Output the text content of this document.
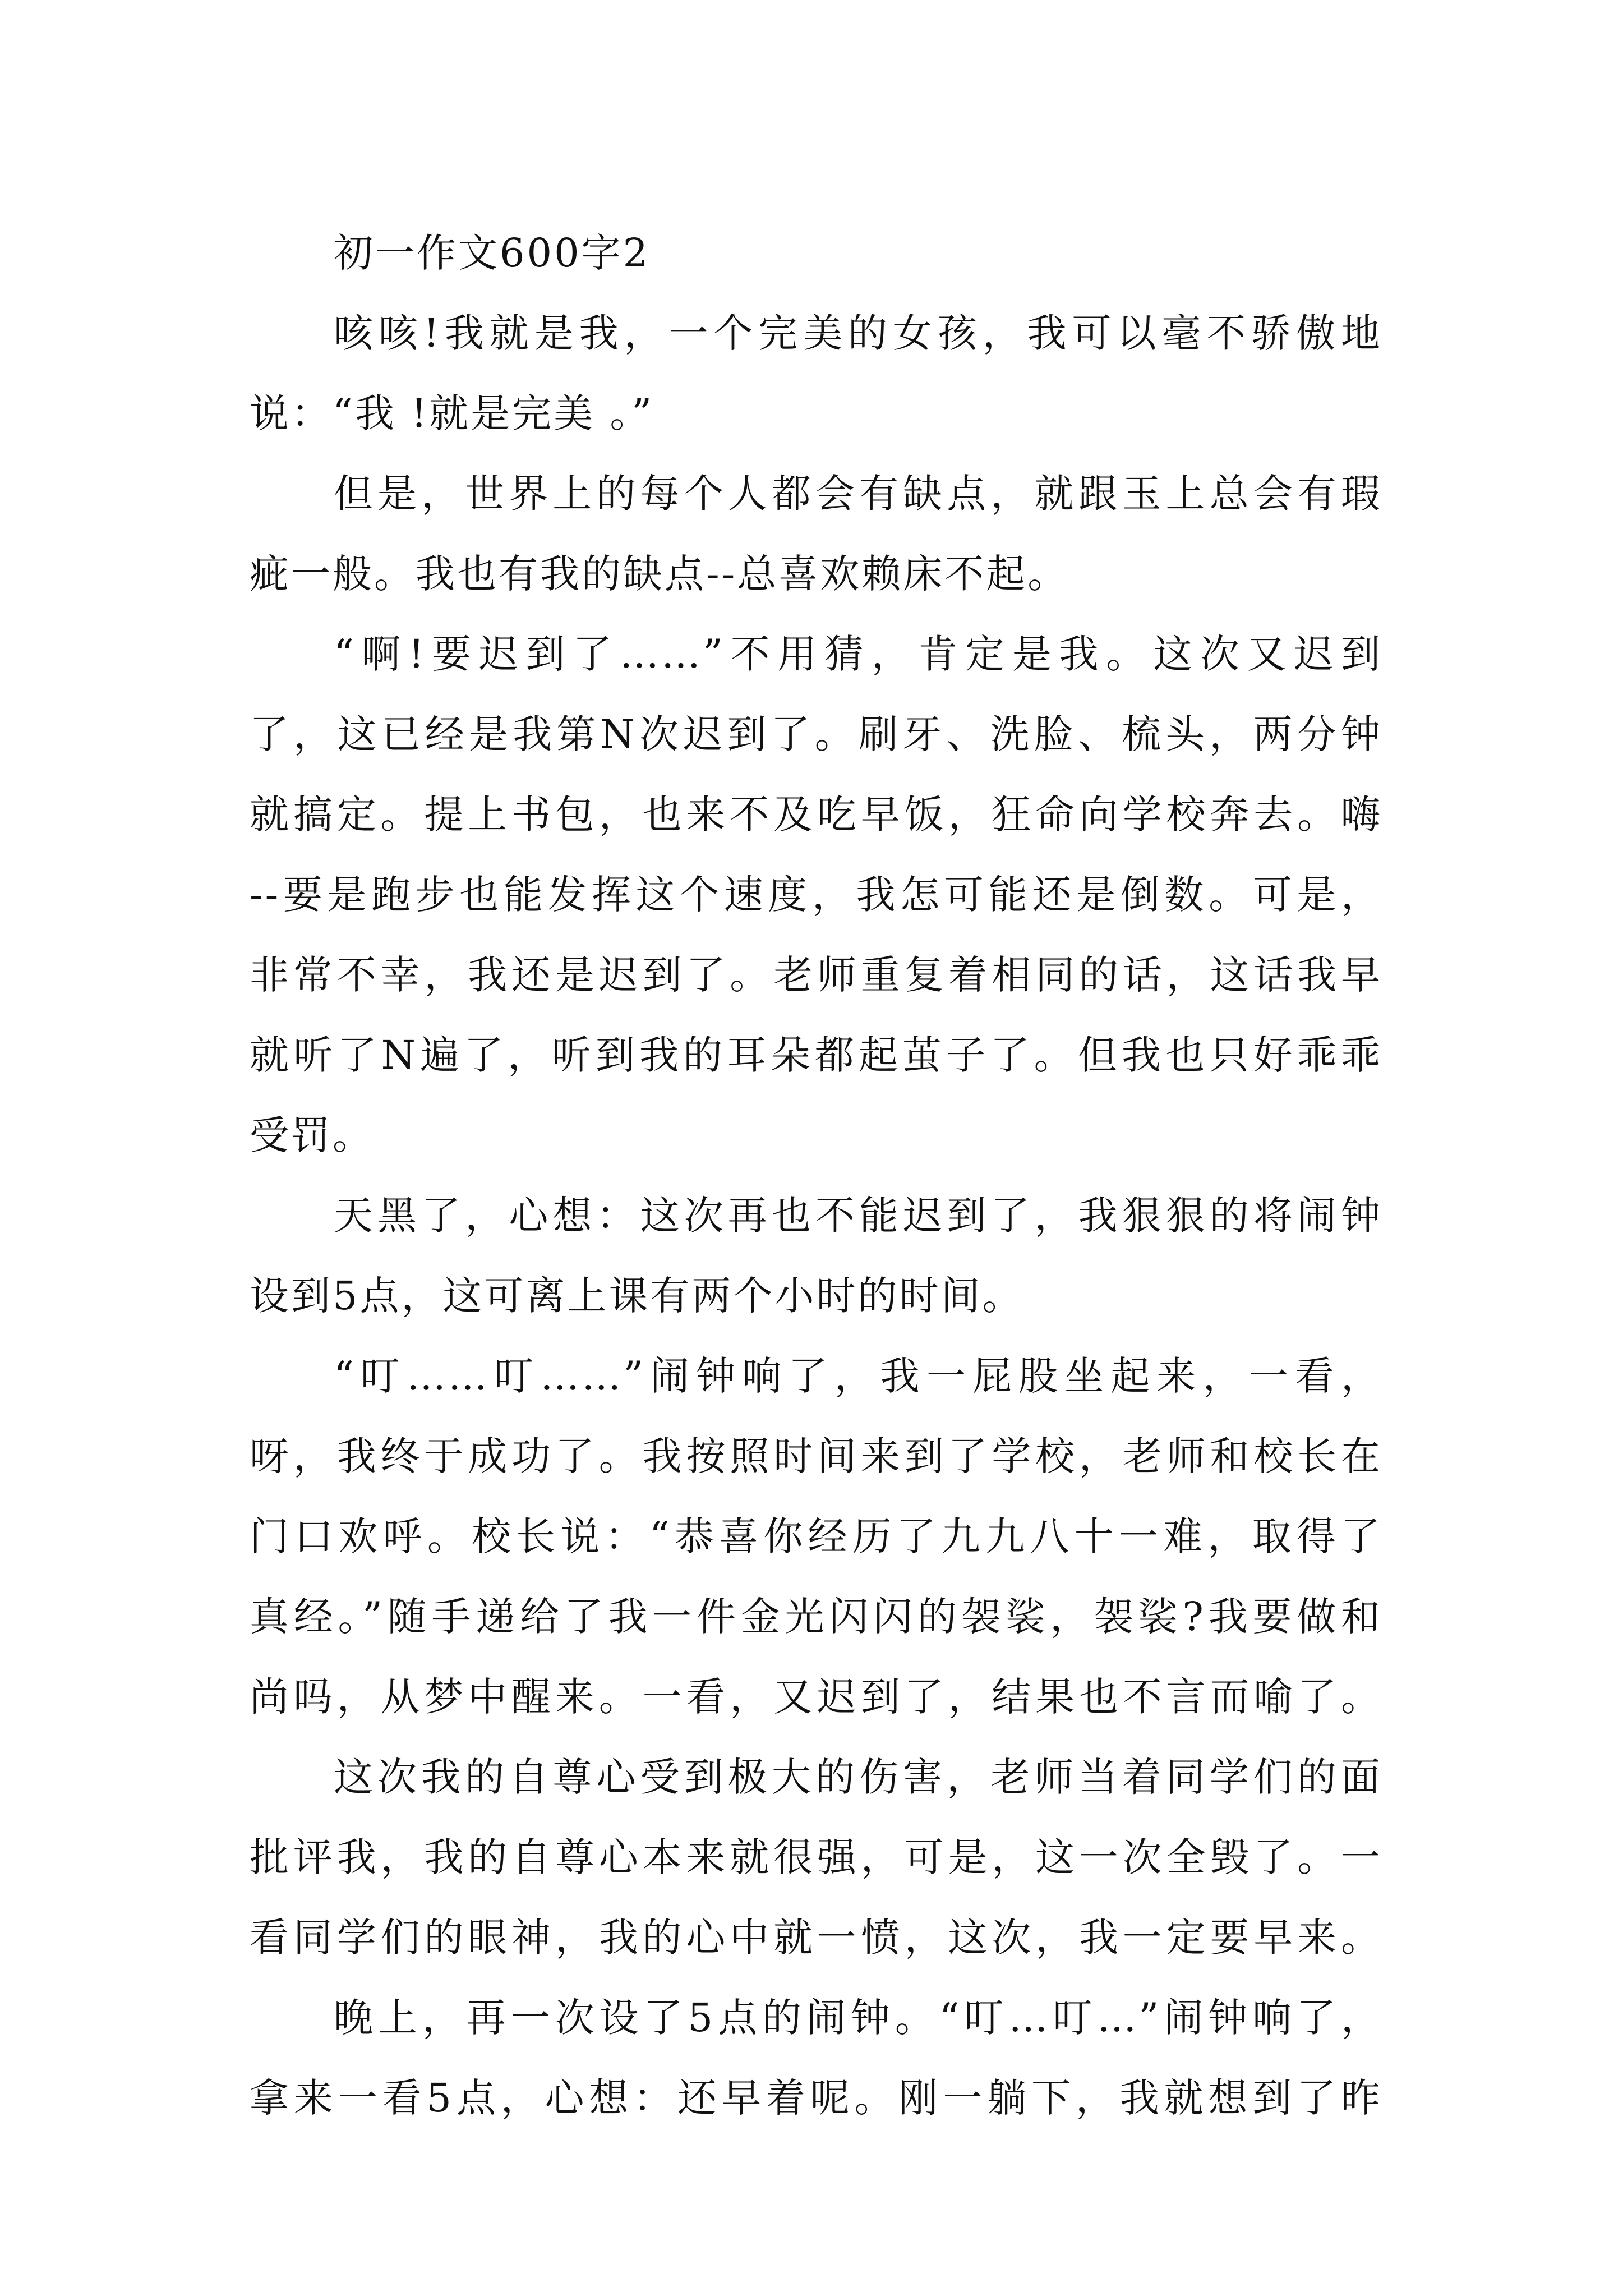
初一作文600字2
咳咳!我就是我，一个完美的女孩，我可以毫不骄傲地
说：“我 !就是完美 。”
但是，世界上的每个人都会有缺点，就跟玉上总会有瑕
疵一般。我也有我的缺点--总喜欢赖床不起。
“啊!要迟到了……”不用猜，肯定是我。这次又迟到
了，这已经是我第N次迟到了。刷牙、洗脸、梳头，两分钟
就搞定。提上书包，也来不及吃早饭，狂命向学校奔去。嗨
--要是跑步也能发挥这个速度，我怎可能还是倒数。可是，
非常不幸，我还是迟到了。老师重复着相同的话，这话我早
就听了N遍了，听到我的耳朵都起茧子了。但我也只好乖乖
受罚。
天黑了，心想：这次再也不能迟到了，我狠狠的将闹钟
设到5点，这可离上课有两个小时的时间。
“叮……叮……”闹钟响了，我一屁股坐起来，一看，
呀，我终于成功了。我按照时间来到了学校，老师和校长在
门口欢呼。校长说：“恭喜你经历了九九八十一难，取得了
真经。”随手递给了我一件金光闪闪的袈裟，袈裟?我要做和
尚吗，从梦中醒来。一看，又迟到了，结果也不言而喻了。
这次我的自尊心受到极大的伤害，老师当着同学们的面
批评我，我的自尊心本来就很强，可是，这一次全毁了。一
看同学们的眼神，我的心中就一愤，这次，我一定要早来。
晚上，再一次设了5点的闹钟。“叮…叮…”闹钟响了，
拿来一看5点，心想：还早着呢。刚一躺下，我就想到了昨
